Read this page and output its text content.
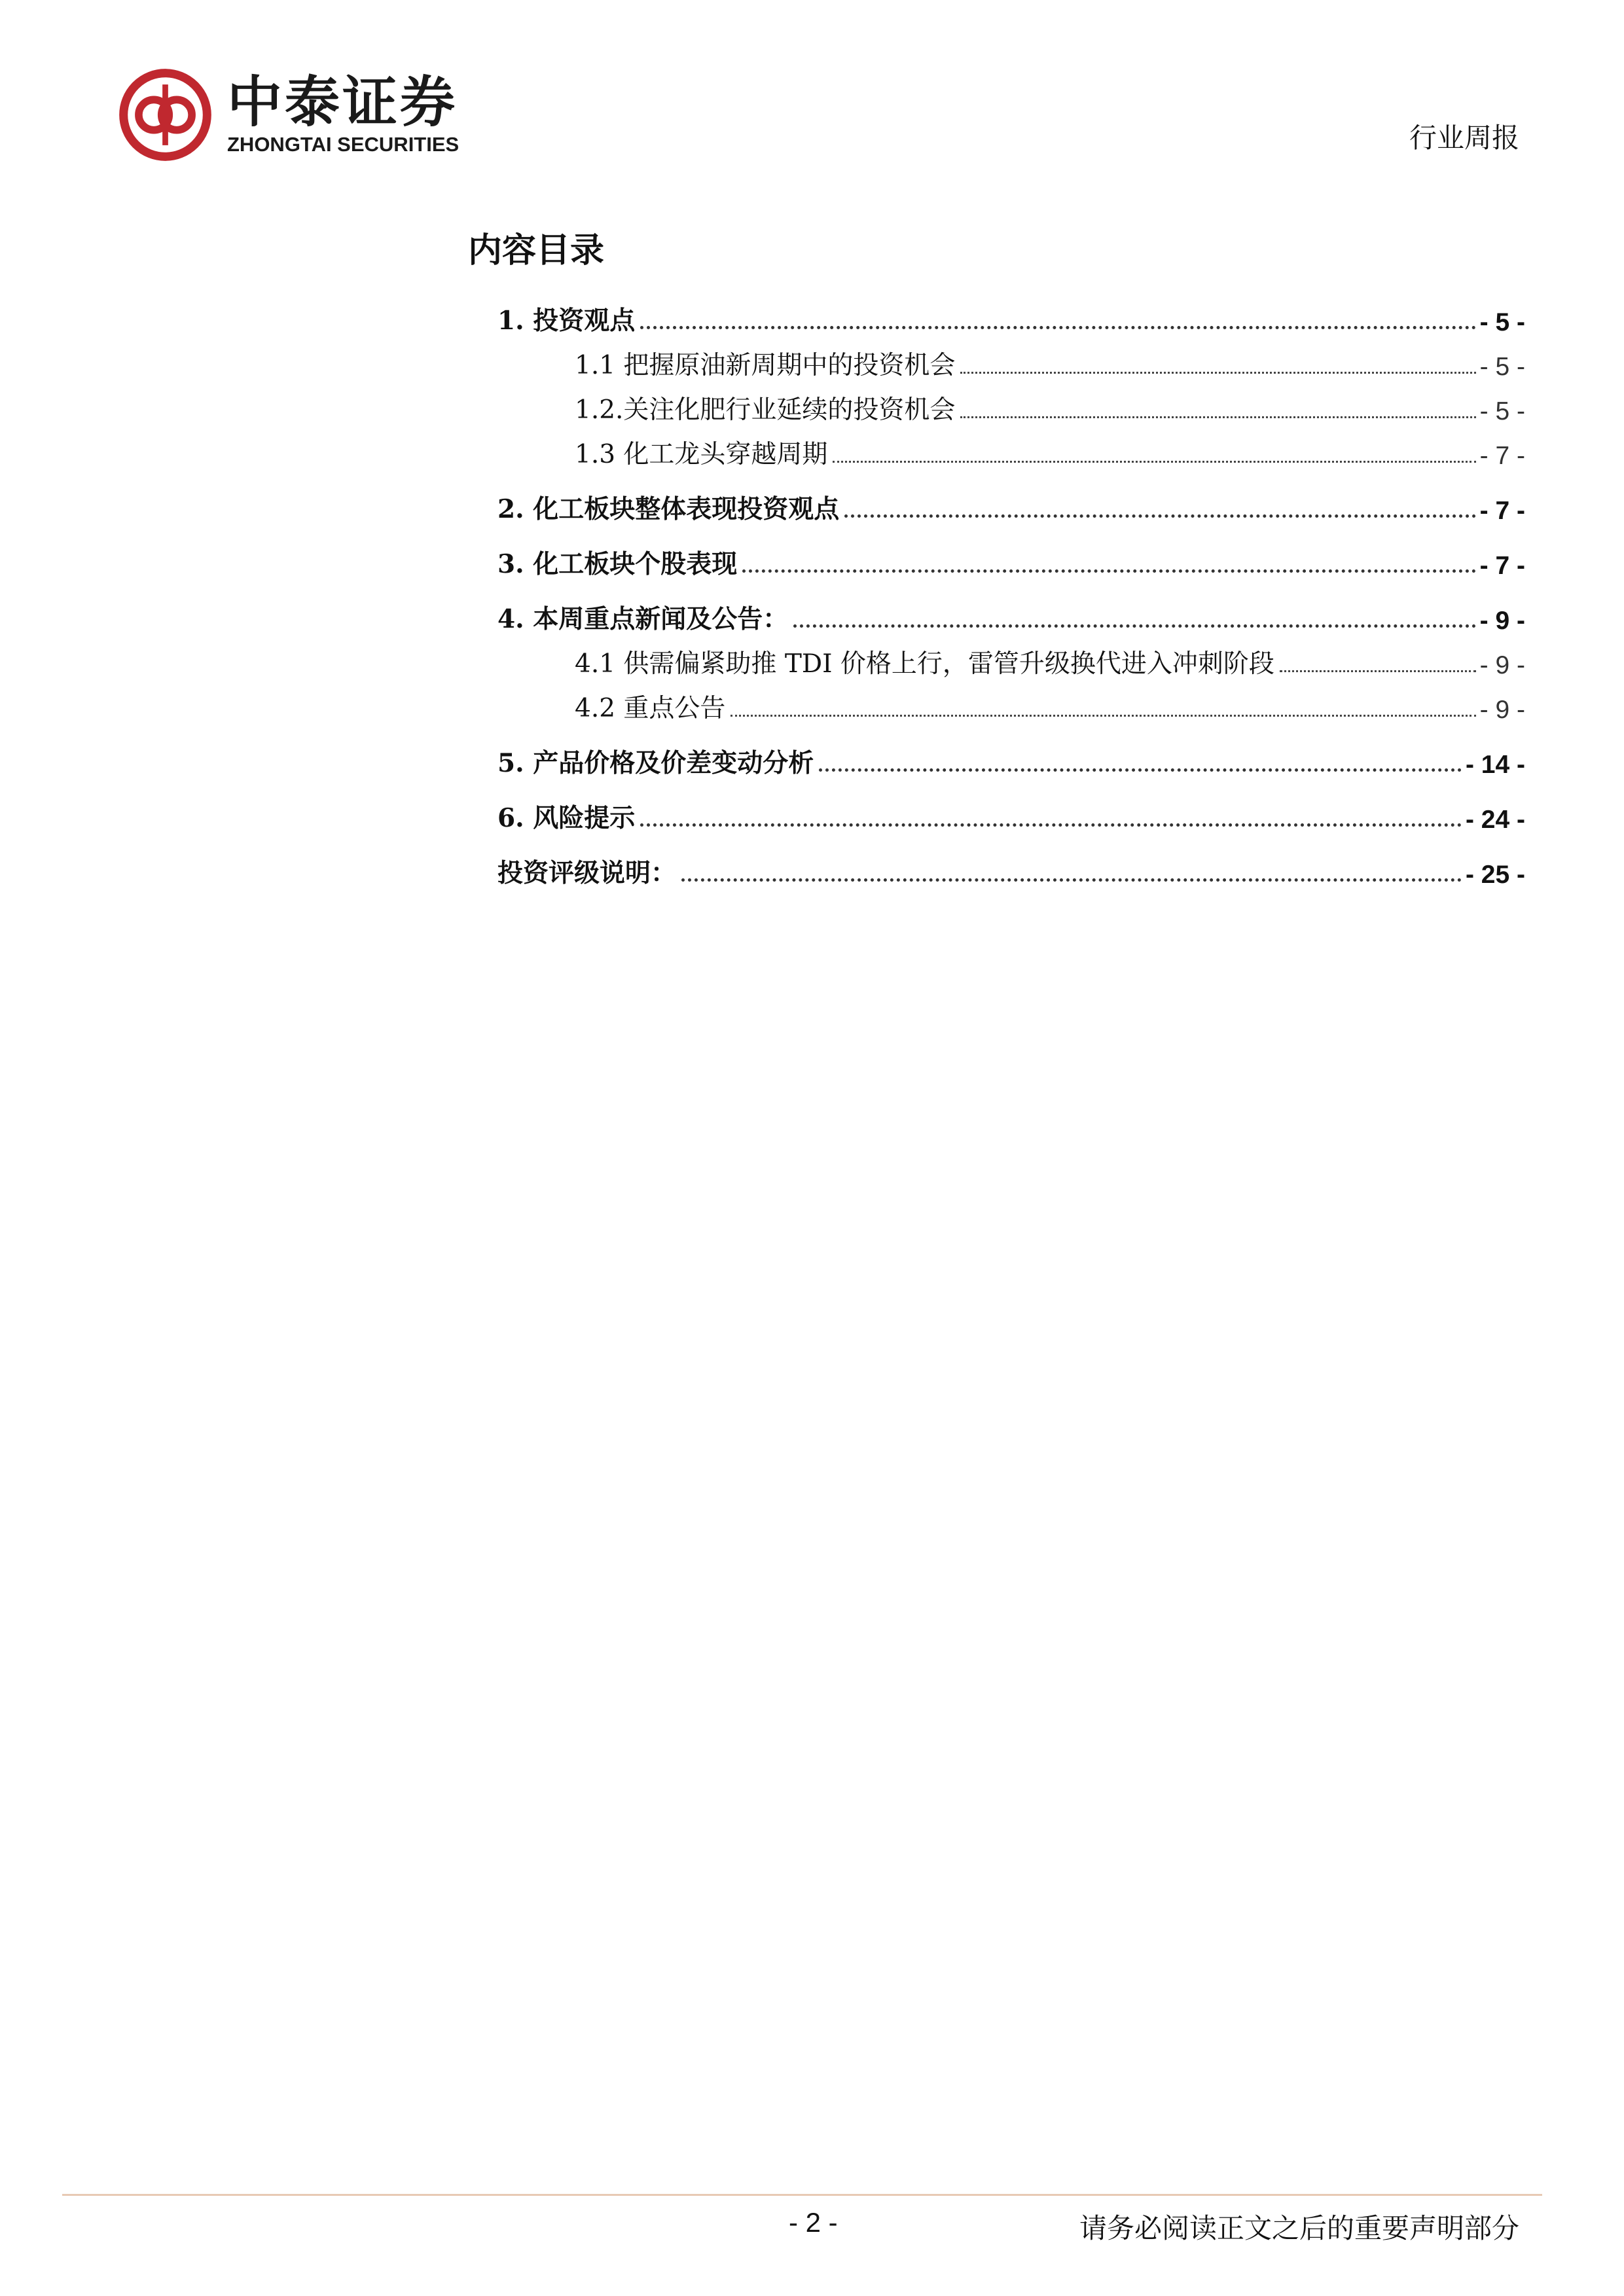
中泰证券
ZHONGTAI SECURITIES	行业周报
内容目录
1. 投资观点	- 5 -
1.1 把握原油新周期中的投资机会	- 5 -
1.2.关注化肥行业延续的投资机会	- 5 -
1.3 化工龙头穿越周期	- 7 -
2. 化工板块整体表现投资观点	- 7 -
3. 化工板块个股表现	- 7 -
4. 本周重点新闻及公告：	- 9 -
4.1 供需偏紧助推 TDI 价格上行，雷管升级换代进入冲刺阶段	- 9 -
4.2 重点公告	- 9 -
5. 产品价格及价差变动分析	- 14 -
6. 风险提示	- 24 -
投资评级说明：	- 25 -
- 2 -	请务必阅读正文之后的重要声明部分
